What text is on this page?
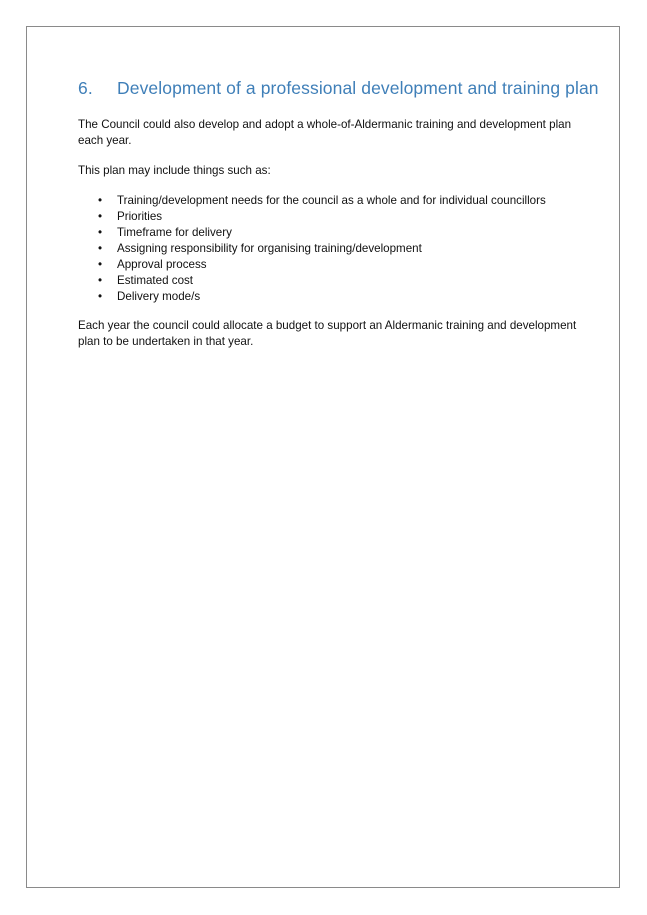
6. Development of a professional development and training plan
The Council could also develop and adopt a whole-of-Aldermanic training and development plan each year.
This plan may include things such as:
• Training/development needs for the council as a whole and for individual councillors
• Priorities
• Timeframe for delivery
• Assigning responsibility for organising training/development
• Approval process
• Estimated cost
• Delivery mode/s
Each year the council could allocate a budget to support an Aldermanic training and development plan to be undertaken in that year.
